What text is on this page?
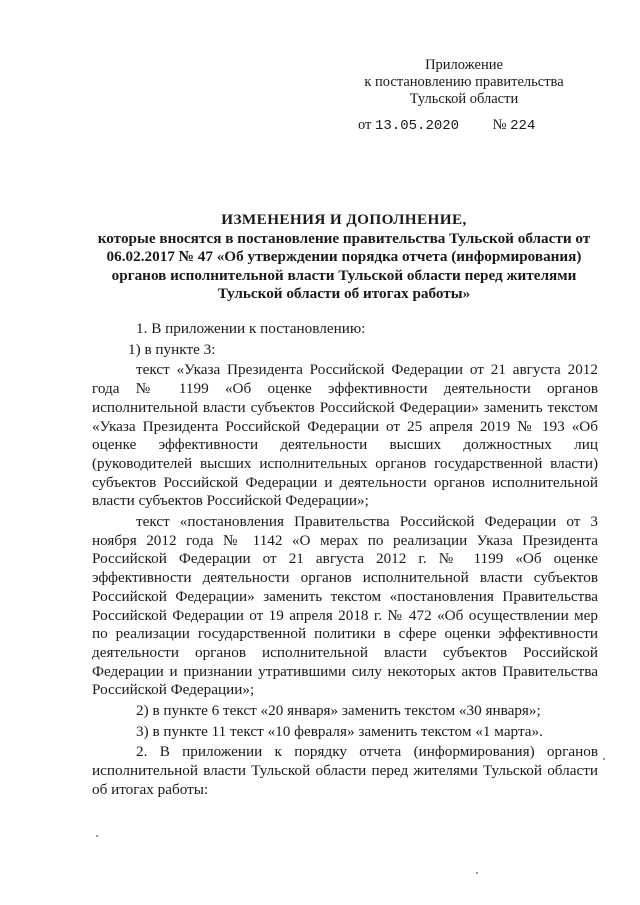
Приложение
к постановлению правительства
Тульской области
от 13.05.2020 № 224
ИЗМЕНЕНИЯ И ДОПОЛНЕНИЕ,
которые вносятся в постановление правительства Тульской области от 06.02.2017 № 47 «Об утверждении порядка отчета (информирования) органов исполнительной власти Тульской области перед жителями Тульской области об итогах работы»

1. В приложении к постановлению:

1) в пункте 3:

текст «Указа Президента Российской Федерации от 21 августа 2012 года № 1199 «Об оценке эффективности деятельности органов исполнительной власти субъектов Российской Федерации» заменить текстом «Указа Президента Российской Федерации от 25 апреля 2019 № 193 «Об оценке эффективности деятельности высших должностных лиц (руководителей высших исполнительных органов государственной власти) субъектов Российской Федерации и деятельности органов исполнительной власти субъектов Российской Федерации»;

текст «постановления Правительства Российской Федерации от 3 ноября 2012 года № 1142 «О мерах по реализации Указа Президента Российской Федерации от 21 августа 2012 г. № 1199 «Об оценке эффективности деятельности органов исполнительной власти субъектов Российской Федерации» заменить текстом «постановления Правительства Российской Федерации от 19 апреля 2018 г. № 472 «Об осуществлении мер по реализации государственной политики в сфере оценки эффективности деятельности органов исполнительной власти субъектов Российской Федерации и признании утратившими силу некоторых актов Правительства Российской Федерации»;

2) в пункте 6 текст «20 января» заменить текстом «30 января»;

3) в пункте 11 текст «10 февраля» заменить текстом «1 марта».

2. В приложении к порядку отчета (информирования) органов исполнительной власти Тульской области перед жителями Тульской области об итогах работы:
